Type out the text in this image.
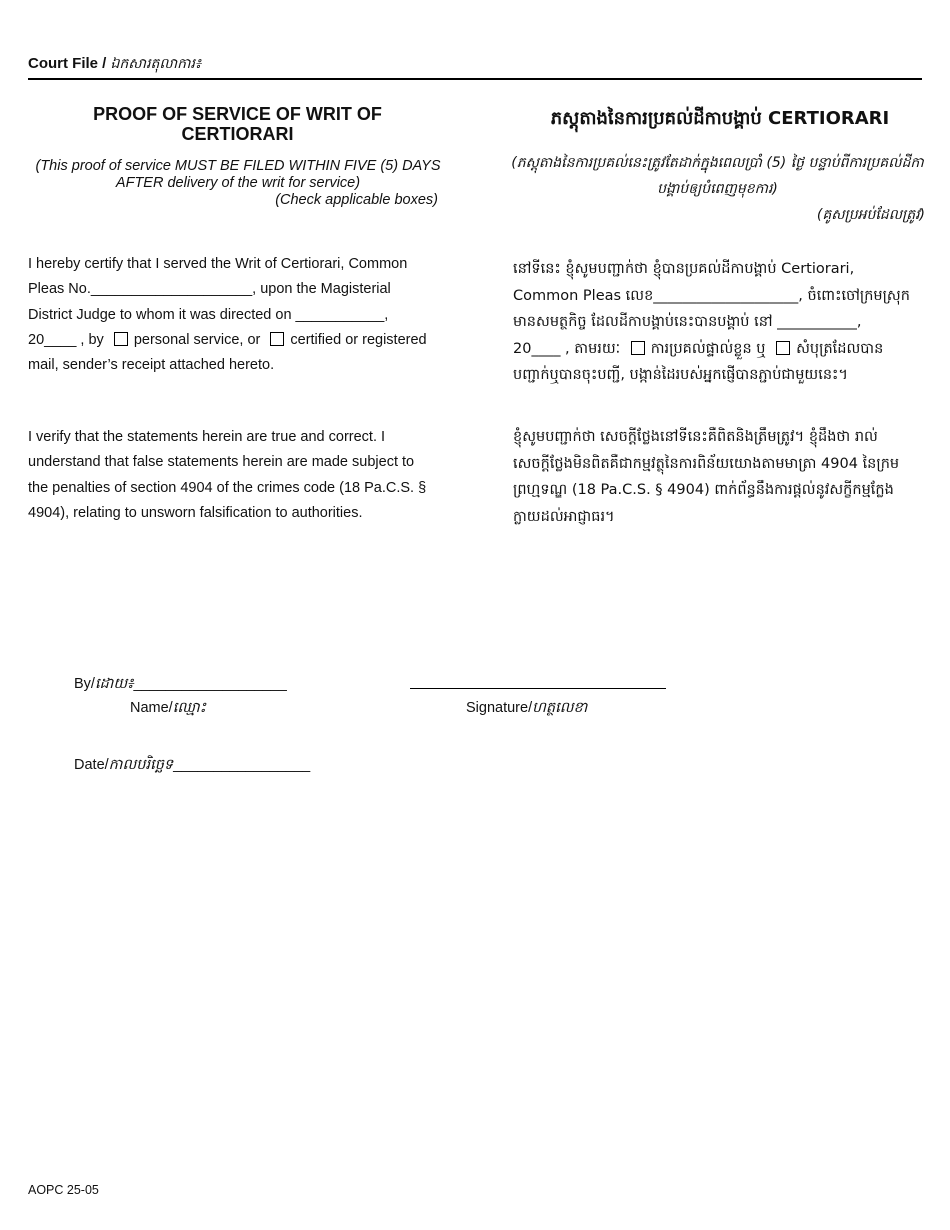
Court File / ឯកសារតុលាការ៖
PROOF OF SERVICE OF WRIT OF CERTIORARI
(This proof of service MUST BE FILED WITHIN FIVE (5) DAYS AFTER delivery of the writ for service)
(Check applicable boxes)
ភស្តុតាងនៃការប្រគល់ដីកាបង្គាប់ CERTIORARI
(ភស្តុតាងនៃការប្រគល់នេះត្រូវតែដាក់ក្នុងពេលប្រាំ (5) ថ្ងៃ បន្ទាប់ពីការប្រគល់ដីកាបង្គាប់ឲ្យបំពេញមុខការ)
(គូសប្រអប់ដែលត្រូវ)
I hereby certify that I served the Writ of Certiorari, Common Pleas No.____________________, upon the Magisterial District Judge to whom it was directed on ___________, 20____ , by personal service, or certified or registered mail, sender’s receipt attached hereto.
I verify that the statements herein are true and correct. I understand that false statements herein are made subject to the penalties of section 4904 of the crimes code (18 Pa.C.S. § 4904), relating to unsworn falsification to authorities.
នៅទីនេះ ខ្ញុំសូមបញ្ជាក់ថា ខ្ញុំបានប្រគល់ដីកាបង្គាប់ Certiorari, Common Pleas លេខ____________________, ចំពោះចៅក្រមស្រុកមានសមត្ថកិច្ច ដែលដីកាបង្គាប់នេះបានបង្គាប់ នៅ ___________, 20____ , តាមរយៈ ការប្រគល់ផ្ទាល់ខ្លួន ឬ សំបុត្រដែលបានបញ្ជាក់ឬបានចុះបញ្ជី, បង្កាន់ដៃរបស់អ្នកផ្ញើបានភ្ជាប់ជាមួយនេះ។
ខ្ញុំសូមបញ្ជាក់ថា សេចក្តីថ្លែងនៅទីនេះគឺពិតនិងត្រឹមត្រូវ។ ខ្ញុំដឹងថា រាល់សេចក្តីថ្លែងមិនពិតគឺជាកម្មវត្ថុនៃការពិន័យយោងតាមមាត្រា 4904 នៃក្រមព្រហ្មទណ្ឌ (18 Pa.C.S. § 4904) ពាក់ព័ន្ធនឹងការផ្តល់នូវសក្ខីកម្មក្លែងក្លាយដល់អាជ្ញាធរ។
By/ដោយ៖___________________
Name/ឈ្មោះ	Signature/ហត្ថលេខា
Date/កាលបរិច្ឆេទ_________________
AOPC 25-05
